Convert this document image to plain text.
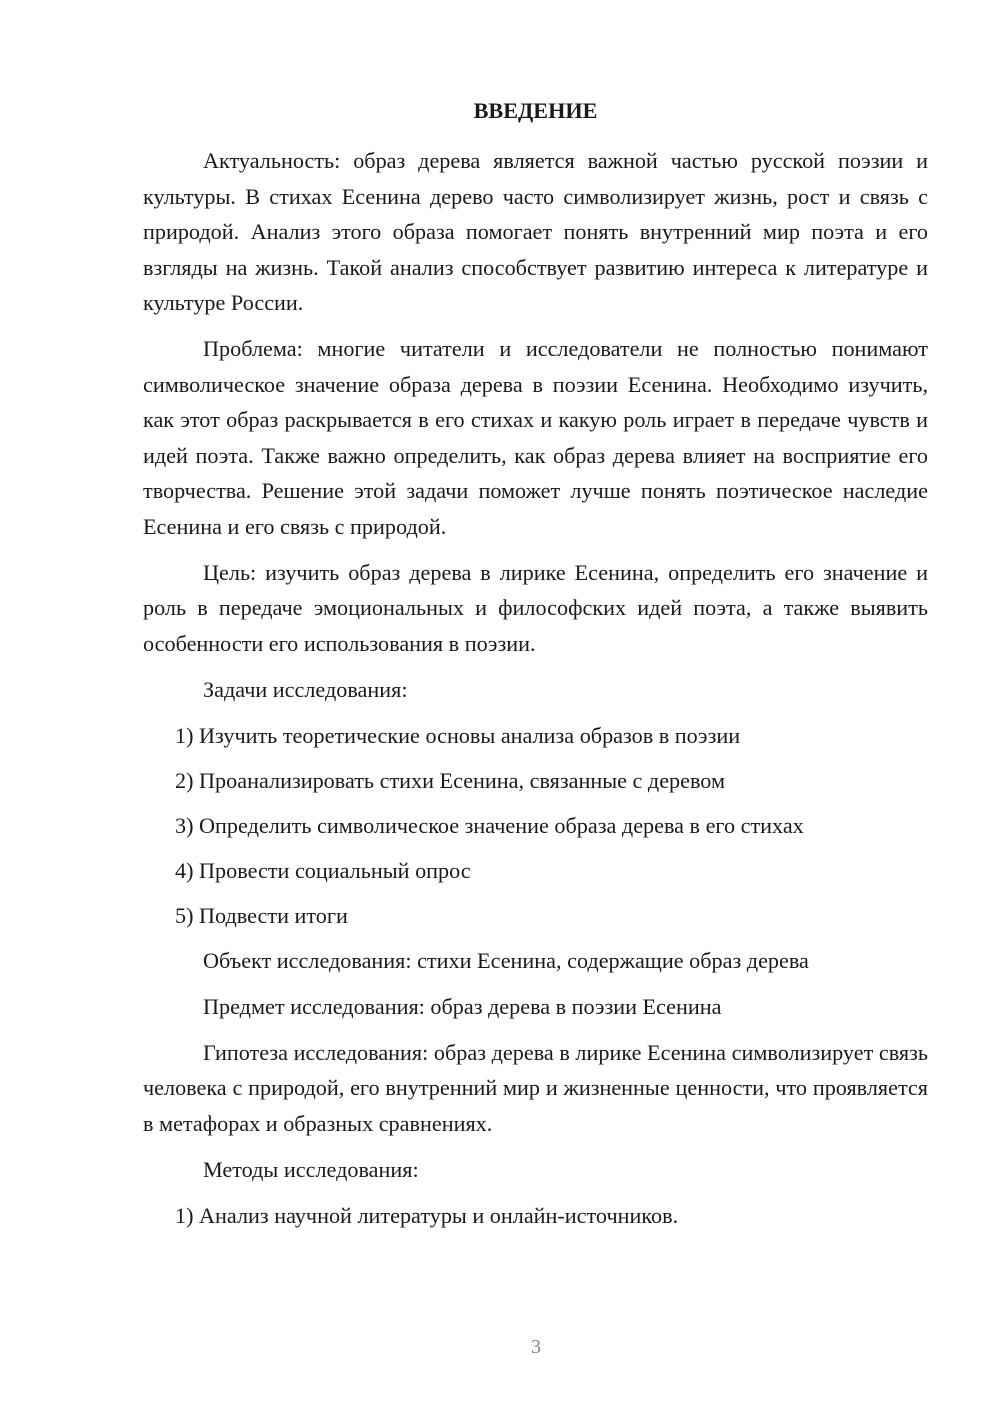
ВВЕДЕНИЕ

Актуальность: образ дерева является важной частью русской поэзии и культуры. В стихах Есенина дерево часто символизирует жизнь, рост и связь с природой. Анализ этого образа помогает понять внутренний мир поэта и его взгляды на жизнь. Такой анализ способствует развитию интереса к литературе и культуре России.

Проблема: многие читатели и исследователи не полностью понимают символическое значение образа дерева в поэзии Есенина. Необходимо изучить, как этот образ раскрывается в его стихах и какую роль играет в передаче чувств и идей поэта. Также важно определить, как образ дерева влияет на восприятие его творчества. Решение этой задачи поможет лучше понять поэтическое наследие Есенина и его связь с природой.

Цель: изучить образ дерева в лирике Есенина, определить его значение и роль в передаче эмоциональных и философских идей поэта, а также выявить особенности его использования в поэзии.

Задачи исследования:

1) Изучить теоретические основы анализа образов в поэзии
2) Проанализировать стихи Есенина, связанные с деревом
3) Определить символическое значение образа дерева в его стихах
4) Провести социальный опрос
5) Подвести итоги

Объект исследования: стихи Есенина, содержащие образ дерева

Предмет исследования: образ дерева в поэзии Есенина

Гипотеза исследования: образ дерева в лирике Есенина символизирует связь человека с природой, его внутренний мир и жизненные ценности, что проявляется в метафорах и образных сравнениях.

Методы исследования:

1) Анализ научной литературы и онлайн-источников.
3
